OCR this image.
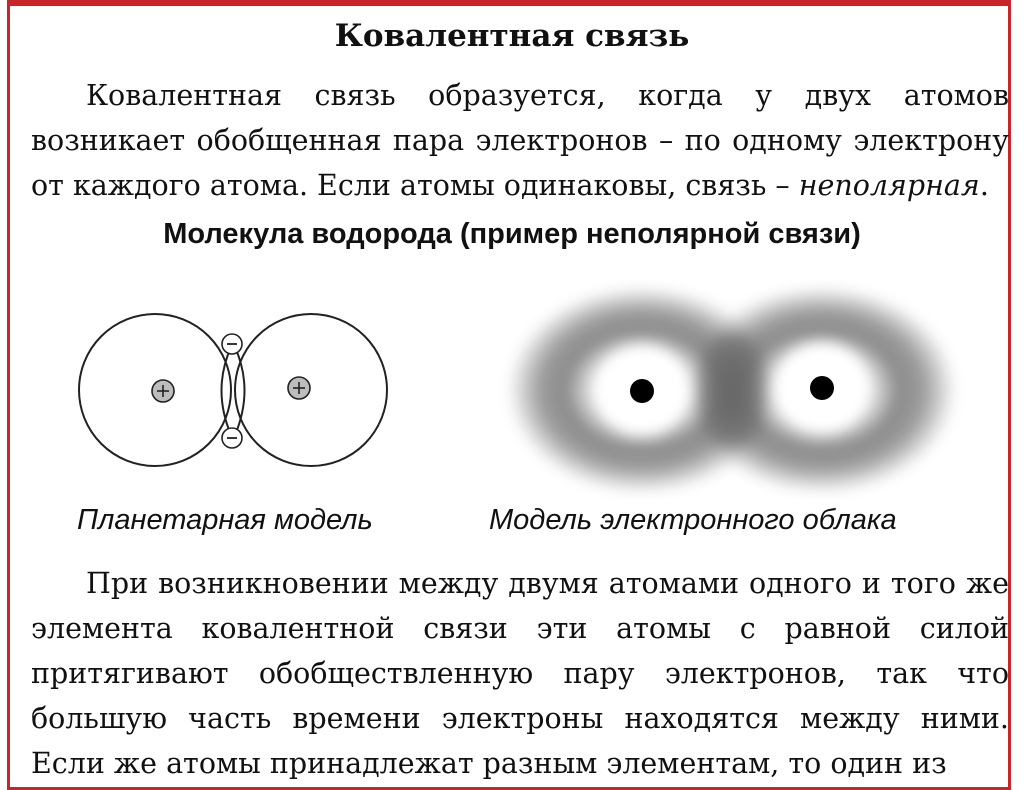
Ковалентная связь
Ковалентная связь образуется, когда у двух атомов возникает обобщенная пара электронов – по одному электрону от каждого атома. Если атомы одинаковы, связь – неполярная.
Молекула водорода (пример неполярной связи)
Планетарная модель	Модель электронного облака
При возникновении между двумя атомами одного и того же элемента ковалентной связи эти атомы с равной силой притягивают обобществленную пару электронов, так что большую часть времени электроны находятся между ними. Если же атомы принадлежат разным элементам, то один из
